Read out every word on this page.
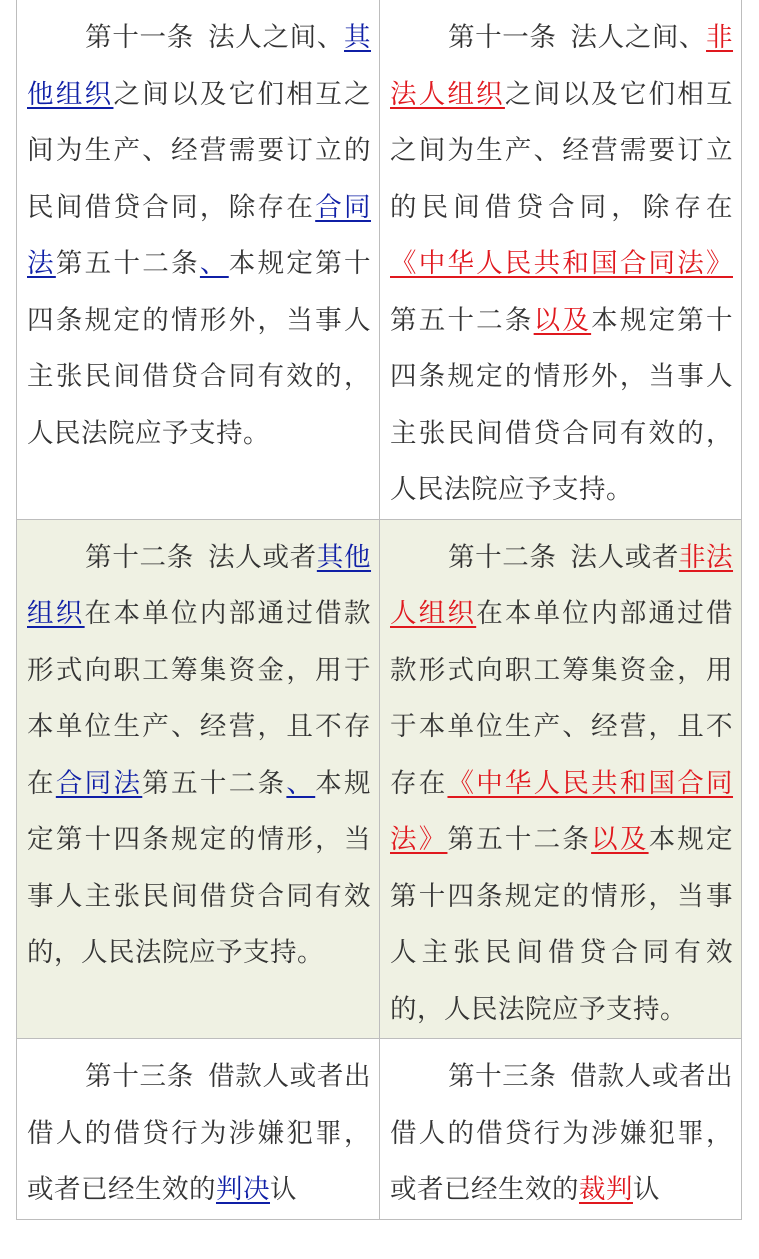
第十一条 法人之间、其他组织之间以及它们相互之间为生产、经营需要订立的民间借贷合同，除存在合同法第五十二条、本规定第十四条规定的情形外，当事人主张民间借贷合同有效的，人民法院应予支持。	第十一条 法人之间、非法人组织之间以及它们相互之间为生产、经营需要订立的民间借贷合同，除存在《中华人民共和国合同法》第五十二条以及本规定第十四条规定的情形外，当事人主张民间借贷合同有效的，人民法院应予支持。
第十二条 法人或者其他组织在本单位内部通过借款形式向职工筹集资金，用于本单位生产、经营，且不存在合同法第五十二条、本规定第十四条规定的情形，当事人主张民间借贷合同有效的，人民法院应予支持。	第十二条 法人或者非法人组织在本单位内部通过借款形式向职工筹集资金，用于本单位生产、经营，且不存在《中华人民共和国合同法》第五十二条以及本规定第十四条规定的情形，当事人主张民间借贷合同有效的，人民法院应予支持。
第十三条 借款人或者出借人的借贷行为涉嫌犯罪，或者已经生效的判决认	第十三条 借款人或者出借人的借贷行为涉嫌犯罪，或者已经生效的裁判认
